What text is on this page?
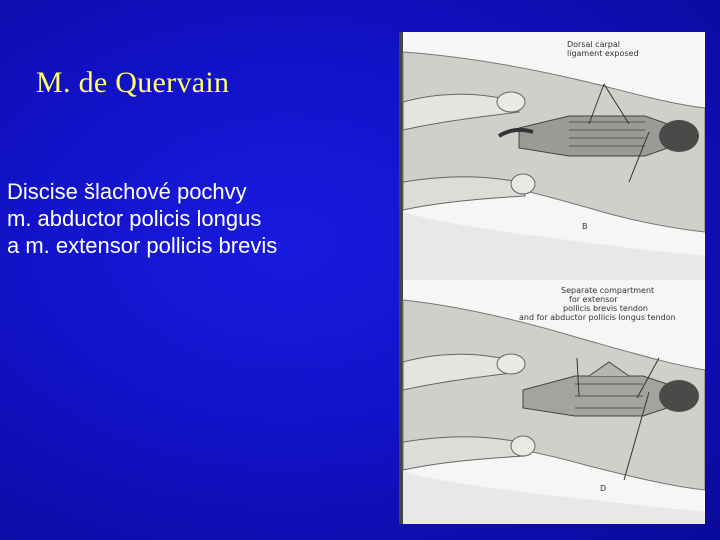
M. de Quervain
Discise šlachové pochvy
m. abductor policis longus
a m. extensor pollicis brevis
Dorsal carpal
ligament exposed
B
Separate compartment
for extensor
pollicis brevis tendon
and for abductor pollicis longus tendon
D
